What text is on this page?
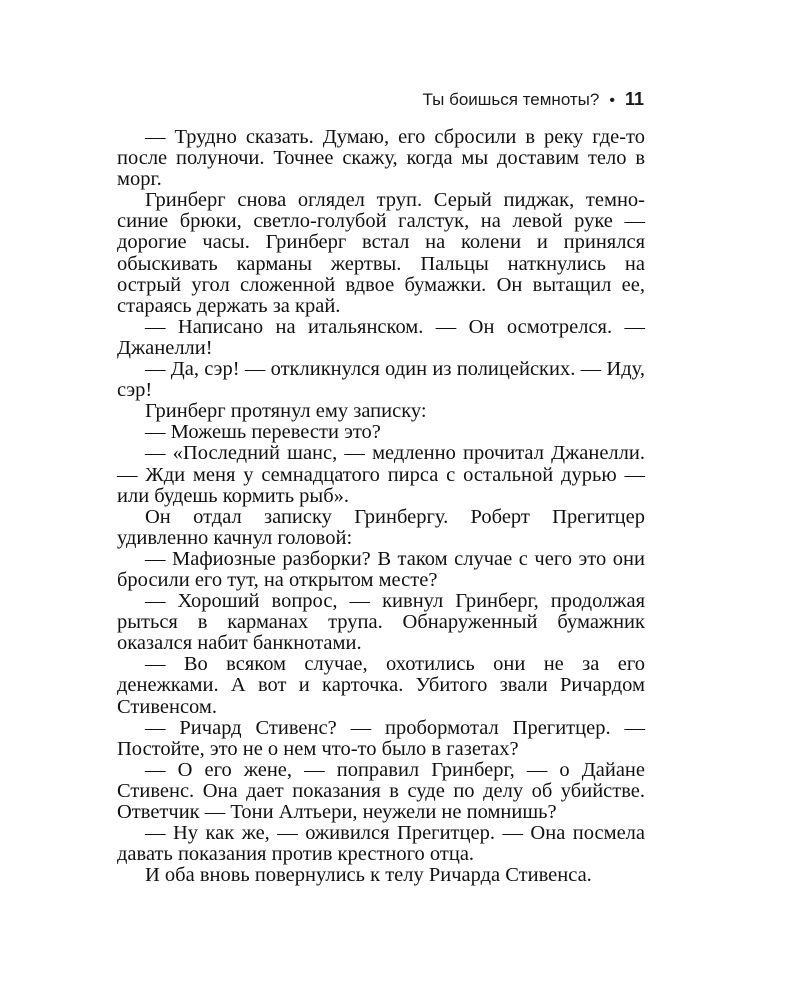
Ты боишься темноты? • 11

— Трудно сказать. Думаю, его сбросили в реку где-то после полуночи. Точнее скажу, когда мы доставим тело в морг.

Гринберг снова оглядел труп. Серый пиджак, темно-синие брюки, светло-голубой галстук, на левой руке — дорогие часы. Гринберг встал на колени и принялся обыскивать карманы жертвы. Пальцы наткнулись на острый угол сложенной вдвое бумажки. Он вытащил ее, стараясь держать за край.

— Написано на итальянском. — Он осмотрелся. — Джанелли!

— Да, сэр! — откликнулся один из полицейских. — Иду, сэр!

Гринберг протянул ему записку:

— Можешь перевести это?

— «Последний шанс, — медленно прочитал Джанелли. — Жди меня у семнадцатого пирса с остальной дурью — или будешь кормить рыб».

Он отдал записку Гринбергу. Роберт Прегитцер удивленно качнул головой:

— Мафиозные разборки? В таком случае с чего это они бросили его тут, на открытом месте?

— Хороший вопрос, — кивнул Гринберг, продолжая рыться в карманах трупа. Обнаруженный бумажник оказался набит банкнотами.

— Во всяком случае, охотились они не за его денежками. А вот и карточка. Убитого звали Ричардом Стивенсом.

— Ричард Стивенс? — пробормотал Прегитцер. — Постойте, это не о нем что-то было в газетах?

— О его жене, — поправил Гринберг, — о Дайане Стивенс. Она дает показания в суде по делу об убийстве. Ответчик — Тони Алтьери, неужели не помнишь?

— Ну как же, — оживился Прегитцер. — Она посмела давать показания против крестного отца.

И оба вновь повернулись к телу Ричарда Стивенса.
